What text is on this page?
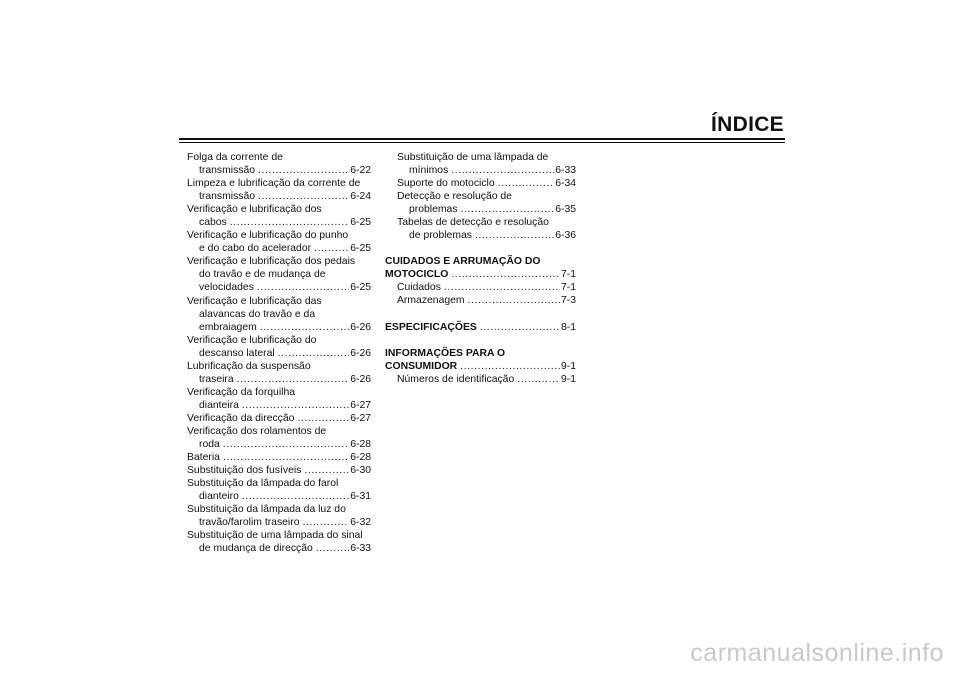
ÍNDICE
Folga da corrente de
transmissão .....	6-22
Limpeza e lubrificação da corrente de
transmissão .....	6-24
Verificação e lubrificação dos
cabos .....	6-25
Verificação e lubrificação do punho
e do cabo do acelerador .....	6-25
Verificação e lubrificação dos pedais
do travão e de mudança de
velocidades .....	6-25
Verificação e lubrificação das
alavancas do travão e da
embraiagem .....	6-26
Verificação e lubrificação do
descanso lateral .....	6-26
Lubrificação da suspensão
traseira .....	6-26
Verificação da forquilha
dianteira .....	6-27
Verificação da direcção .....	6-27
Verificação dos rolamentos de
roda .....	6-28
Bateria .....	6-28
Substituição dos fusíveis .....	6-30
Substituição da lâmpada do farol
dianteiro .....	6-31
Substituição da lâmpada da luz do
travão/farolim traseiro .....	6-32
Substituição de uma lâmpada do sinal
de mudança de direcção .....	6-33
Substituição de uma lâmpada de
mínimos .....	6-33
Suporte do motociclo .....	6-34
Detecção e resolução de
problemas .....	6-35
Tabelas de detecção e resolução
de problemas .....	6-36
CUIDADOS E ARRUMAÇÃO DO
MOTOCICLO .....	7-1
Cuidados .....	7-1
Armazenagem .....	7-3
ESPECIFICAÇÕES .....	8-1
INFORMAÇÕES PARA O
CONSUMIDOR .....	9-1
Números de identificação .....	9-1
carmanualsonline.info
